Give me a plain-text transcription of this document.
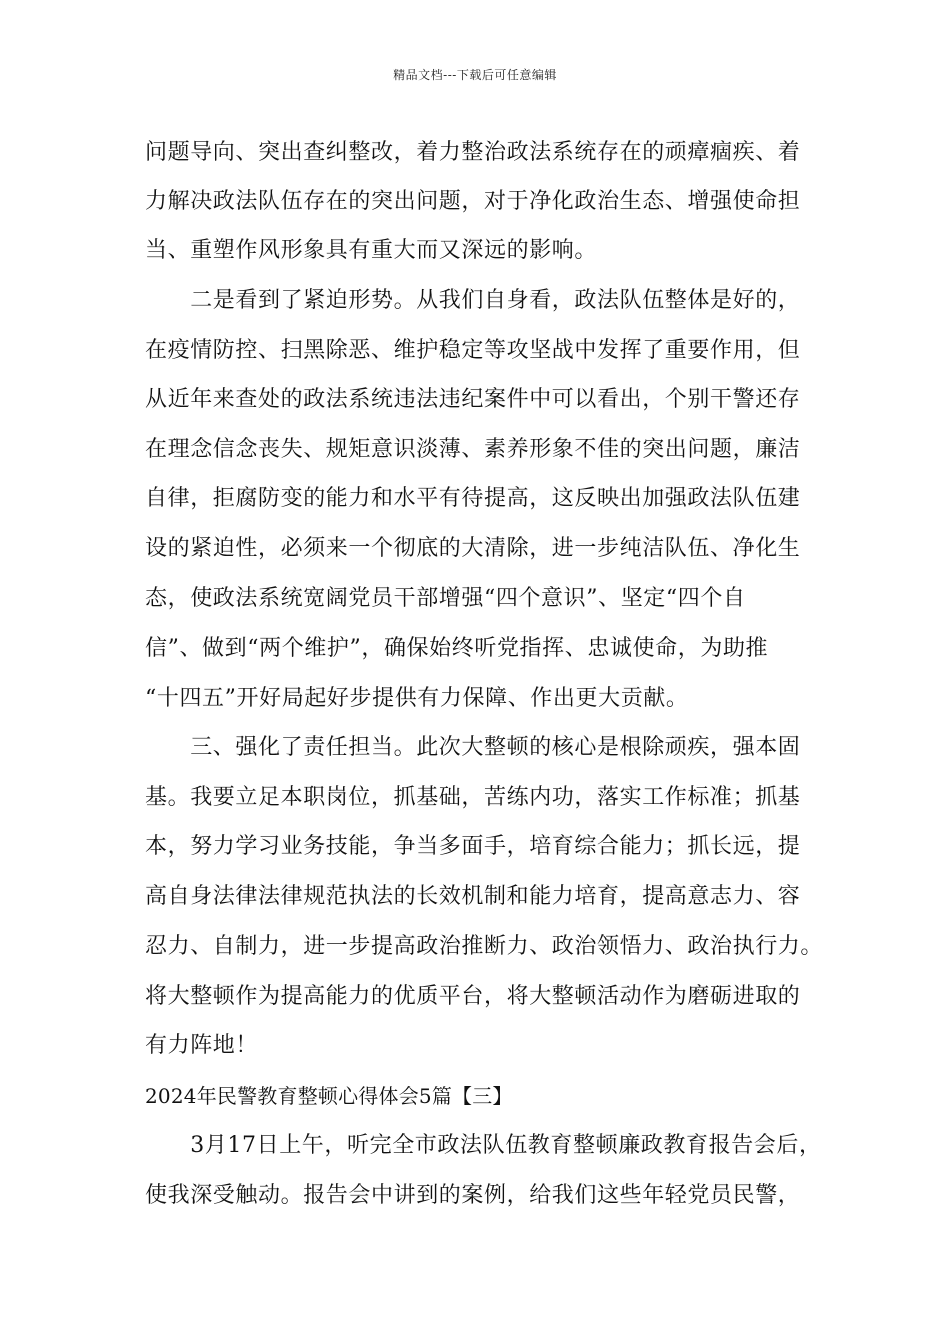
精品文档---下载后可任意编辑
问题导向、突出查纠整改，着力整治政法系统存在的顽瘴痼疾、着
力解决政法队伍存在的突出问题，对于净化政治生态、增强使命担
当、重塑作风形象具有重大而又深远的影响。
　　二是看到了紧迫形势。从我们自身看，政法队伍整体是好的，
在疫情防控、扫黑除恶、维护稳定等攻坚战中发挥了重要作用，但
从近年来查处的政法系统违法违纪案件中可以看出，个别干警还存
在理念信念丧失、规矩意识淡薄、素养形象不佳的突出问题，廉洁
自律，拒腐防变的能力和水平有待提高，这反映出加强政法队伍建
设的紧迫性，必须来一个彻底的大清除，进一步纯洁队伍、净化生
态，使政法系统宽阔党员干部增强“四个意识”、坚定“四个自
信”、做到“两个维护”，确保始终听党指挥、忠诚使命，为助推
“十四五”开好局起好步提供有力保障、作出更大贡献。
　　三、强化了责任担当。此次大整顿的核心是根除顽疾，强本固
基。我要立足本职岗位，抓基础，苦练内功，落实工作标准；抓基
本，努力学习业务技能，争当多面手，培育综合能力；抓长远，提
高自身法律法律规范执法的长效机制和能力培育，提高意志力、容
忍力、自制力，进一步提高政治推断力、政治领悟力、政治执行力。
将大整顿作为提高能力的优质平台，将大整顿活动作为磨砺进取的
有力阵地！
2024年民警教育整顿心得体会5篇【三】
　　3月17日上午，听完全市政法队伍教育整顿廉政教育报告会后，
使我深受触动。报告会中讲到的案例，给我们这些年轻党员民警，
